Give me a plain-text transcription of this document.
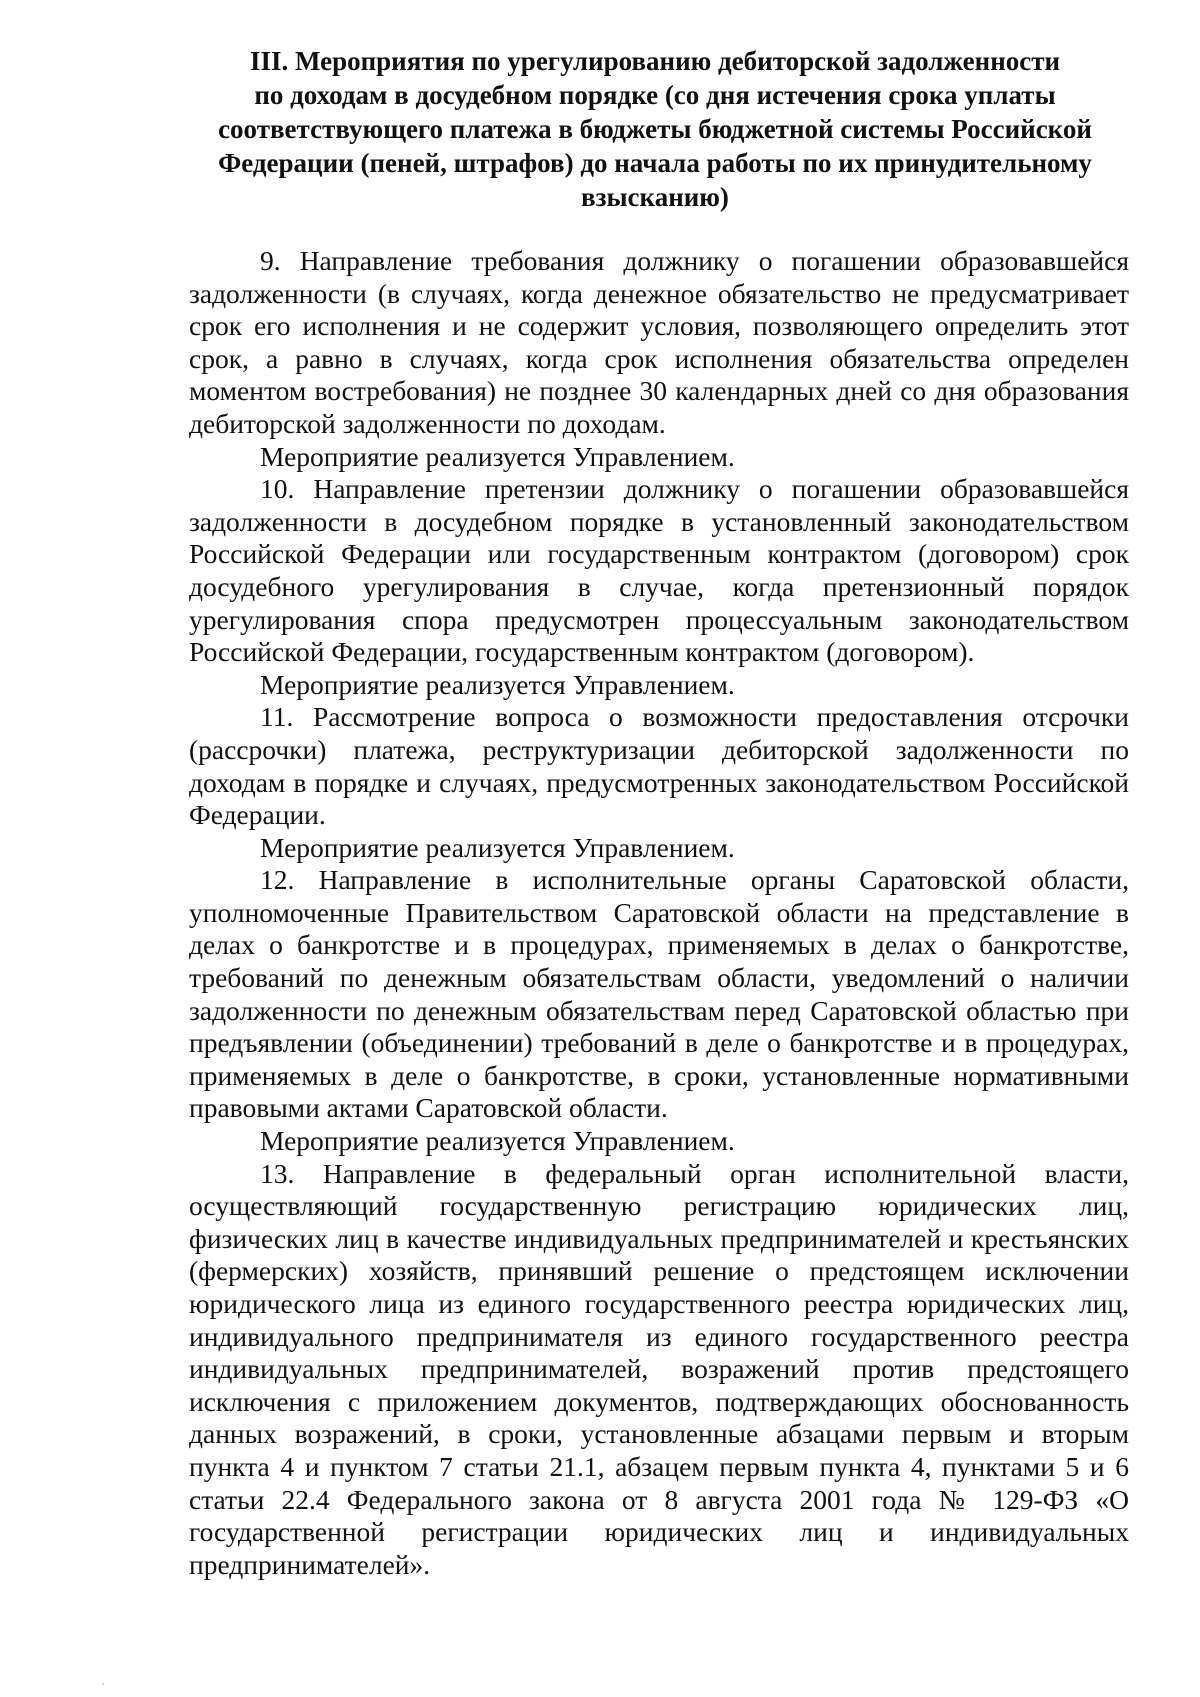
III. Мероприятия по урегулированию дебиторской задолженности
по доходам в досудебном порядке (со дня истечения срока уплаты
соответствующего платежа в бюджеты бюджетной системы Российской
Федерации (пеней, штрафов) до начала работы по их принудительному
взысканию)

9. Направление требования должнику о погашении образовавшейся задолженности (в случаях, когда денежное обязательство не предусматривает срок его исполнения и не содержит условия, позволяющего определить этот срок, а равно в случаях, когда срок исполнения обязательства определен моментом востребования) не позднее 30 календарных дней со дня образования дебиторской задолженности по доходам.

Мероприятие реализуется Управлением.

10. Направление претензии должнику о погашении образовавшейся задолженности в досудебном порядке в установленный законодательством Российской Федерации или государственным контрактом (договором) срок досудебного урегулирования в случае, когда претензионный порядок урегулирования спора предусмотрен процессуальным законодательством Российской Федерации, государственным контрактом (договором).

Мероприятие реализуется Управлением.

11. Рассмотрение вопроса о возможности предоставления отсрочки (рассрочки) платежа, реструктуризации дебиторской задолженности по доходам в порядке и случаях, предусмотренных законодательством Российской Федерации.

Мероприятие реализуется Управлением.

12. Направление в исполнительные органы Саратовской области, уполномоченные Правительством Саратовской области на представление в делах о банкротстве и в процедурах, применяемых в делах о банкротстве, требований по денежным обязательствам области, уведомлений о наличии задолженности по денежным обязательствам перед Саратовской областью при предъявлении (объединении) требований в деле о банкротстве и в процедурах, применяемых в деле о банкротстве, в сроки, установленные нормативными правовыми актами Саратовской области.

Мероприятие реализуется Управлением.

13. Направление в федеральный орган исполнительной власти, осуществляющий государственную регистрацию юридических лиц, физических лиц в качестве индивидуальных предпринимателей и крестьянских (фермерских) хозяйств, принявший решение о предстоящем исключении юридического лица из единого государственного реестра юридических лиц, индивидуального предпринимателя из единого государственного реестра индивидуальных предпринимателей, возражений против предстоящего исключения с приложением документов, подтверждающих обоснованность данных возражений, в сроки, установленные абзацами первым и вторым пункта 4 и пунктом 7 статьи 21.1, абзацем первым пункта 4, пунктами 5 и 6 статьи 22.4 Федерального закона от 8 августа 2001 года № 129-ФЗ «О государственной регистрации юридических лиц и индивидуальных предпринимателей».
